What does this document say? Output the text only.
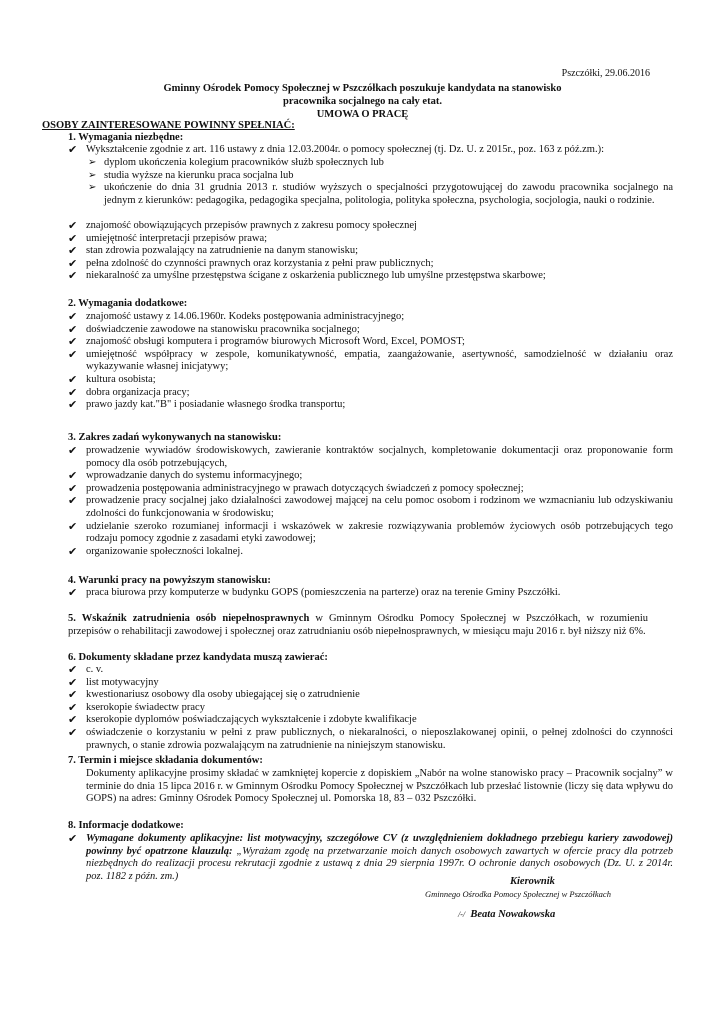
Pszczółki, 29.06.2016

Gminny Ośrodek Pomocy Społecznej w Pszczółkach poszukuje kandydata na stanowisko

pracownika socjalnego na cały etat.

UMOWA O PRACĘ

OSOBY ZAINTERESOWANE POWINNY SPEŁNIAĆ:

1. Wymagania niezbędne:

✔ Wykształcenie zgodnie z art. 116 ustawy z dnia 12.03.2004r. o pomocy społecznej (tj. Dz. U. z 2015r., poz. 163 z póź.zm.):
➢ dyplom ukończenia kolegium pracowników służb społecznych lub
➢ studia wyższe na kierunku praca socjalna lub
➢ ukończenie do dnia 31 grudnia 2013 r. studiów wyższych o specjalności przygotowującej do zawodu pracownika socjalnego na jednym z kierunków: pedagogika, pedagogika specjalna, politologia, polityka społeczna, psychologia, socjologia, nauki o rodzinie.
✔ znajomość obowiązujących przepisów prawnych z zakresu pomocy społecznej
✔ umiejętność interpretacji przepisów prawa;
✔ stan zdrowia pozwalający na zatrudnienie na danym stanowisku;
✔ pełna zdolność do czynności prawnych oraz korzystania z pełni praw publicznych;
✔ niekaralność za umyślne przestępstwa ścigane z oskarżenia publicznego lub umyślne przestępstwa skarbowe;

2. Wymagania dodatkowe:

✔ znajomość ustawy z 14.06.1960r. Kodeks postępowania administracyjnego;
✔ doświadczenie zawodowe na stanowisku pracownika socjalnego;
✔ znajomość obsługi komputera i programów biurowych Microsoft Word, Excel, POMOST;
✔ umiejętność współpracy w zespole, komunikatywność, empatia, zaangażowanie, asertywność, samodzielność w działaniu oraz wykazywanie własnej inicjatywy;
✔ kultura osobista;
✔ dobra organizacja pracy;
✔ prawo jazdy kat."B" i posiadanie własnego środka transportu;

3. Zakres zadań wykonywanych na stanowisku:

✔ prowadzenie wywiadów środowiskowych, zawieranie kontraktów socjalnych, kompletowanie dokumentacji oraz proponowanie form pomocy dla osób potrzebujących,
✔ wprowadzanie danych do systemu informacyjnego;
✔ prowadzenia postępowania administracyjnego w prawach dotyczących świadczeń z pomocy społecznej;
✔ prowadzenie pracy socjalnej jako działalności zawodowej mającej na celu pomoc osobom i rodzinom we wzmacnianiu lub odzyskiwaniu zdolności do funkcjonowania w środowisku;
✔ udzielanie szeroko rozumianej informacji i wskazówek w zakresie rozwiązywania problemów życiowych osób potrzebujących tego rodzaju pomocy zgodnie z zasadami etyki zawodowej;
✔ organizowanie społeczności lokalnej.

4. Warunki pracy na powyższym stanowisku:

✔ praca biurowa przy komputerze w budynku GOPS (pomieszczenia na parterze) oraz na terenie Gminy Pszczółki.

5. Wskaźnik zatrudnienia osób niepełnosprawnych w Gminnym Ośrodku Pomocy Społecznej w Pszczółkach, w rozumieniu przepisów o rehabilitacji zawodowej i społecznej oraz zatrudnianiu osób niepełnosprawnych, w miesiącu maju 2016 r. był niższy niż 6%.

6. Dokumenty składane przez kandydata muszą zawierać:

✔ c. v.
✔ list motywacyjny
✔ kwestionariusz osobowy dla osoby ubiegającej się o zatrudnienie
✔ kserokopie świadectw pracy
✔ kserokopie dyplomów poświadczających wykształcenie i zdobyte kwalifikacje
✔ oświadczenie o korzystaniu w pełni z praw publicznych, o niekaralności, o nieposzlakowanej opinii, o pełnej zdolności do czynności prawnych, o stanie zdrowia pozwalającym na zatrudnienie na niniejszym stanowisku.

7. Termin i miejsce składania dokumentów:

Dokumenty aplikacyjne prosimy składać w zamkniętej kopercie z dopiskiem „Nabór na wolne stanowisko pracy – Pracownik socjalny” w terminie do dnia 15 lipca 2016 r. w Gminnym Ośrodku Pomocy Społecznej w Pszczółkach lub przesłać listownie (liczy się data wpływu do GOPS) na adres: Gminny Ośrodek Pomocy Społecznej ul. Pomorska 18, 83 – 032 Pszczółki.

8. Informacje dodatkowe:

✔ Wymagane dokumenty aplikacyjne: list motywacyjny, szczegółowe CV (z uwzględnieniem dokładnego przebiegu kariery zawodowej) powinny być opatrzone klauzulą: „Wyrażam zgodę na przetwarzanie moich danych osobowych zawartych w ofercie pracy dla potrzeb niezbędnych do realizacji procesu rekrutacji zgodnie z ustawą z dnia 29 sierpnia 1997r. O ochronie danych osobowych (Dz. U. z 2014r. poz. 1182 z późn. zm.)	Kierownik

Gminnego Ośrodka Pomocy Społecznej w Pszczółkach

/-/ Beata Nowakowska
